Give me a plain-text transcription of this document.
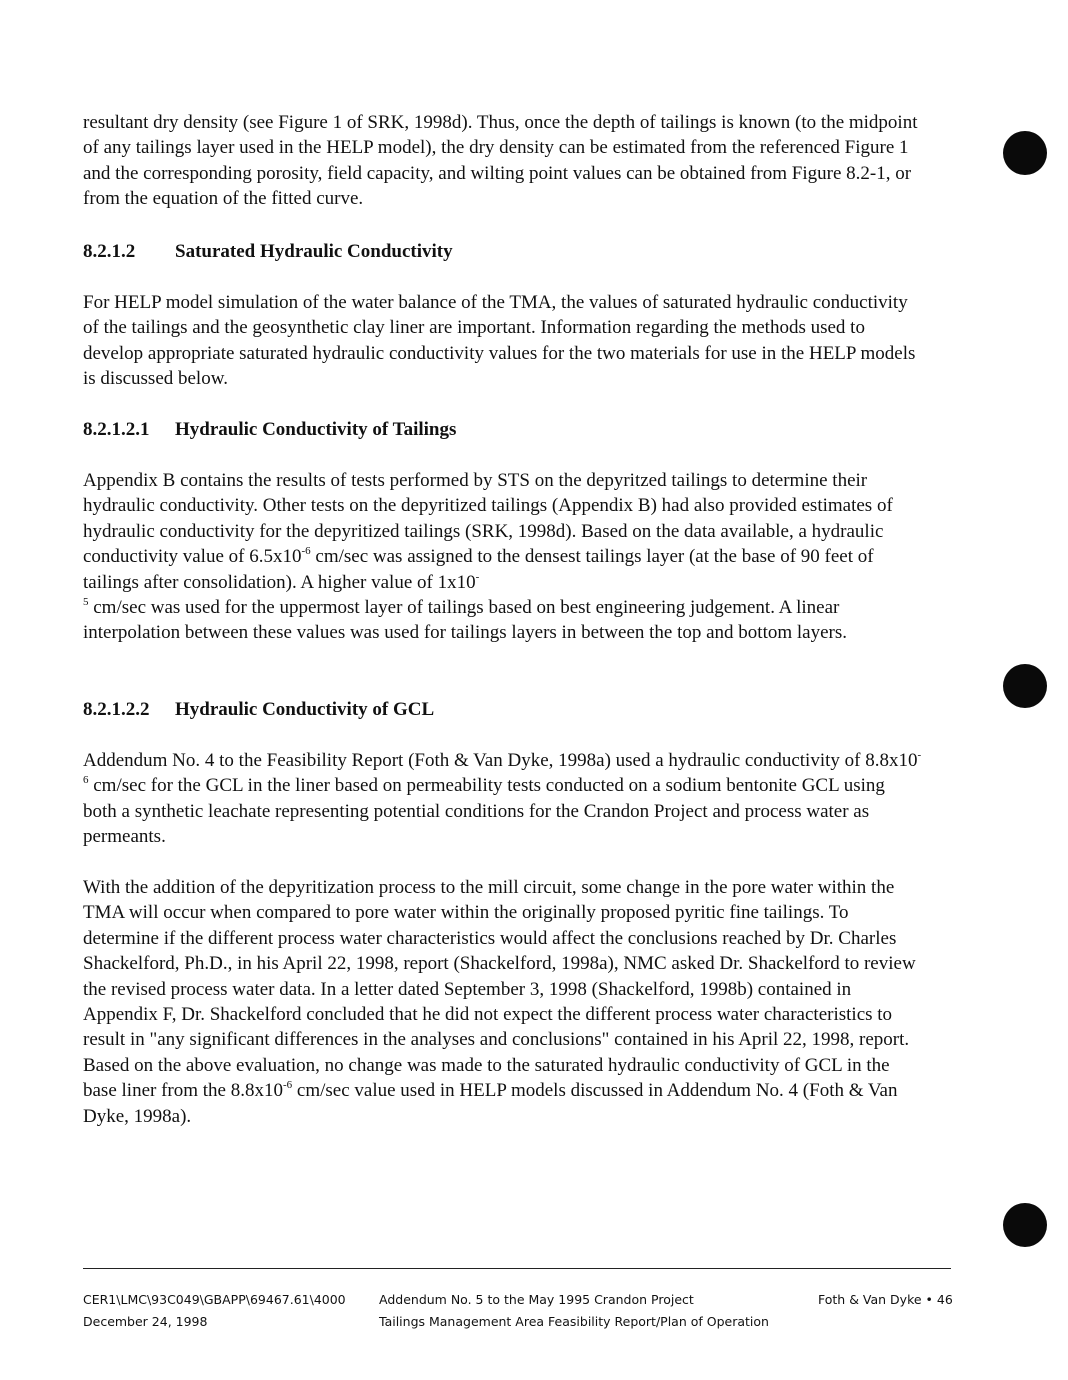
resultant dry density (see Figure 1 of SRK, 1998d). Thus, once the depth of tailings is known (to the midpoint of any tailings layer used in the HELP model), the dry density can be estimated from the referenced Figure 1 and the corresponding porosity, field capacity, and wilting point values can be obtained from Figure 8.2-1, or from the equation of the fitted curve.

8.2.1.2 Saturated Hydraulic Conductivity

For HELP model simulation of the water balance of the TMA, the values of saturated hydraulic conductivity of the tailings and the geosynthetic clay liner are important. Information regarding the methods used to develop appropriate saturated hydraulic conductivity values for the two materials for use in the HELP models is discussed below.

8.2.1.2.1 Hydraulic Conductivity of Tailings

Appendix B contains the results of tests performed by STS on the depyritzed tailings to determine their hydraulic conductivity. Other tests on the depyritized tailings (Appendix B) had also provided estimates of hydraulic conductivity for the depyritized tailings (SRK, 1998d). Based on the data available, a hydraulic conductivity value of $6.5x10^{-6}$ cm/sec was assigned to the densest tailings layer (at the base of 90 feet of tailings after consolidation). A higher value of 1x10-
$^5$ cm/sec was used for the uppermost layer of tailings based on best engineering judgement. A linear interpolation between these values was used for tailings layers in between the top and bottom layers.

8.2.1.2.2 Hydraulic Conductivity of GCL

Addendum No. 4 to the Feasibility Report (Foth & Van Dyke, 1998a) used a hydraulic conductivity of $8.8x10^{-6}$ cm/sec for the GCL in the liner based on permeability tests conducted on a sodium bentonite GCL using both a synthetic leachate representing potential conditions for the Crandon Project and process water as permeants.

With the addition of the depyritization process to the mill circuit, some change in the pore water within the TMA will occur when compared to pore water within the originally proposed pyritic fine tailings. To determine if the different process water characteristics would affect the conclusions reached by Dr. Charles Shackelford, Ph.D., in his April 22, 1998, report (Shackelford, 1998a), NMC asked Dr. Shackelford to review the revised process water data. In a letter dated September 3, 1998 (Shackelford, 1998b) contained in Appendix F, Dr. Shackelford concluded that he did not expect the different process water characteristics to result in "any significant differences in the analyses and conclusions" contained in his April 22, 1998, report. Based on the above evaluation, no change was made to the saturated hydraulic conductivity of GCL in the base liner from the $8.8x10^{-6}$ cm/sec value used in HELP models discussed in Addendum No. 4 (Foth & Van Dyke, 1998a).

CER1\LMC\93C049\GBAPP\69467.61\4000
December 24, 1998
Addendum No. 5 to the May 1995 Crandon Project
Tailings Management Area Feasibility Report/Plan of Operation
Foth & Van Dyke • 46
